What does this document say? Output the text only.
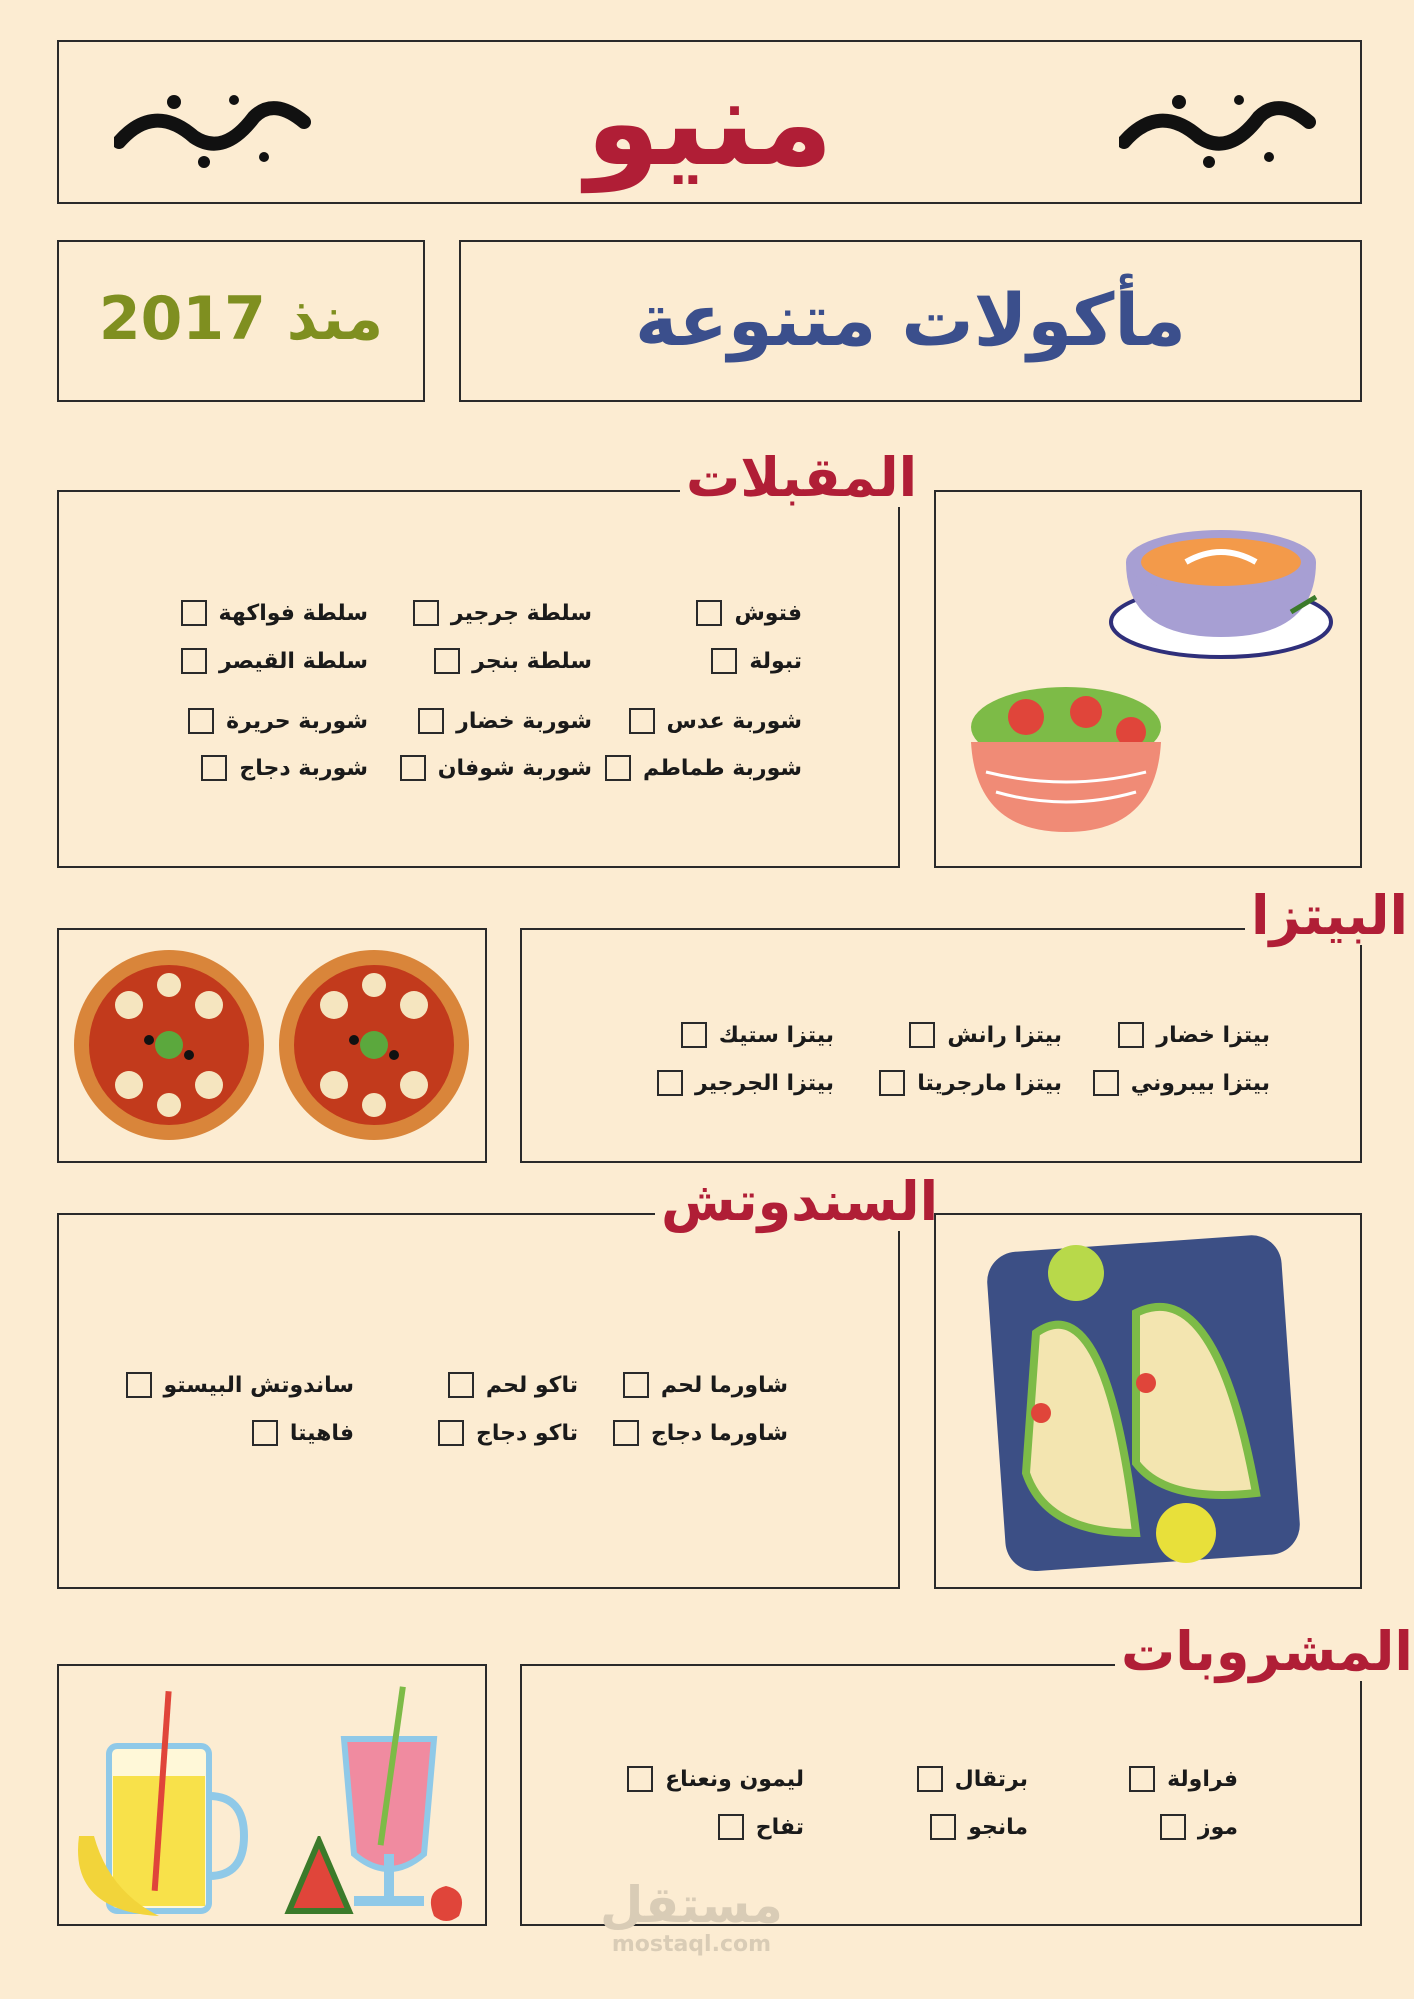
منيو
منذ 2017	مأكولات متنوعة
المقبلات
فتوش
سلطة جرجير
سلطة فواكهة
تبولة
سلطة بنجر
سلطة القيصر
شوربة عدس
شوربة خضار
شوربة حريرة
شوربة طماطم
شوربة شوفان
شوربة دجاج
البيتزا
بيتزا خضار
بيتزا رانش
بيتزا ستيك
بيتزا بيبروني
بيتزا مارجريتا
بيتزا الجرجير
السندوتش
شاورما لحم
تاكو لحم
ساندوتش البيستو
شاورما دجاج
تاكو دجاج
فاهيتا
المشروبات
فراولة
برتقال
ليمون ونعناع
موز
مانجو
تفاح
مستقل
mostaql.com
